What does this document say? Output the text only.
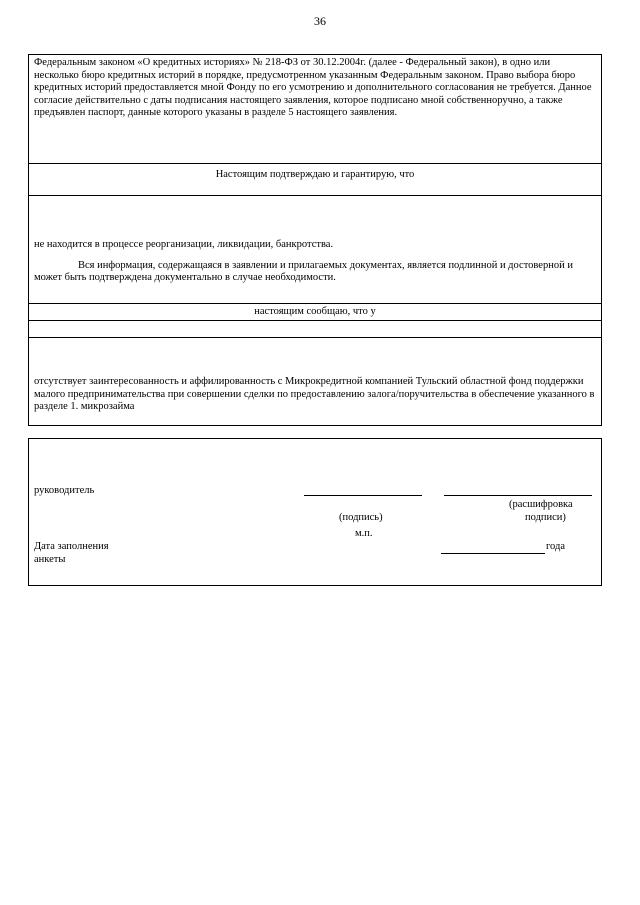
36
Федеральным законом «О кредитных историях» № 218-ФЗ от 30.12.2004г. (далее - Федеральный закон), в одно или несколько бюро кредитных историй в порядке, предусмотренном указанным Федеральным законом. Право выбора бюро кредитных историй предоставляется мной Фонду по его усмотрению и дополнительного согласования не требуется. Данное согласие действительно с даты подписания настоящего заявления, которое подписано мной собственноручно, а также предъявлен паспорт, данные которого указаны в разделе 5 настоящего заявления.
Настоящим подтверждаю и гарантирую, что
не находится в процессе реорганизации, ликвидации, банкротства.
Вся информация, содержащаяся в заявлении и прилагаемых документах, является подлинной и достоверной и может быть подтверждена документально в случае необходимости.
настоящим сообщаю, что у
отсутствует заинтересованность и аффилированность с Микрокредитной компанией Тульский областной фонд поддержки малого предпринимательства при совершении сделки по предоставлению залога/поручительства в обеспечение указанного в разделе 1. микрозайма
руководитель
(расшифровка
(подпись)	подписи)
м.п.
Дата заполнения	года
анкеты
